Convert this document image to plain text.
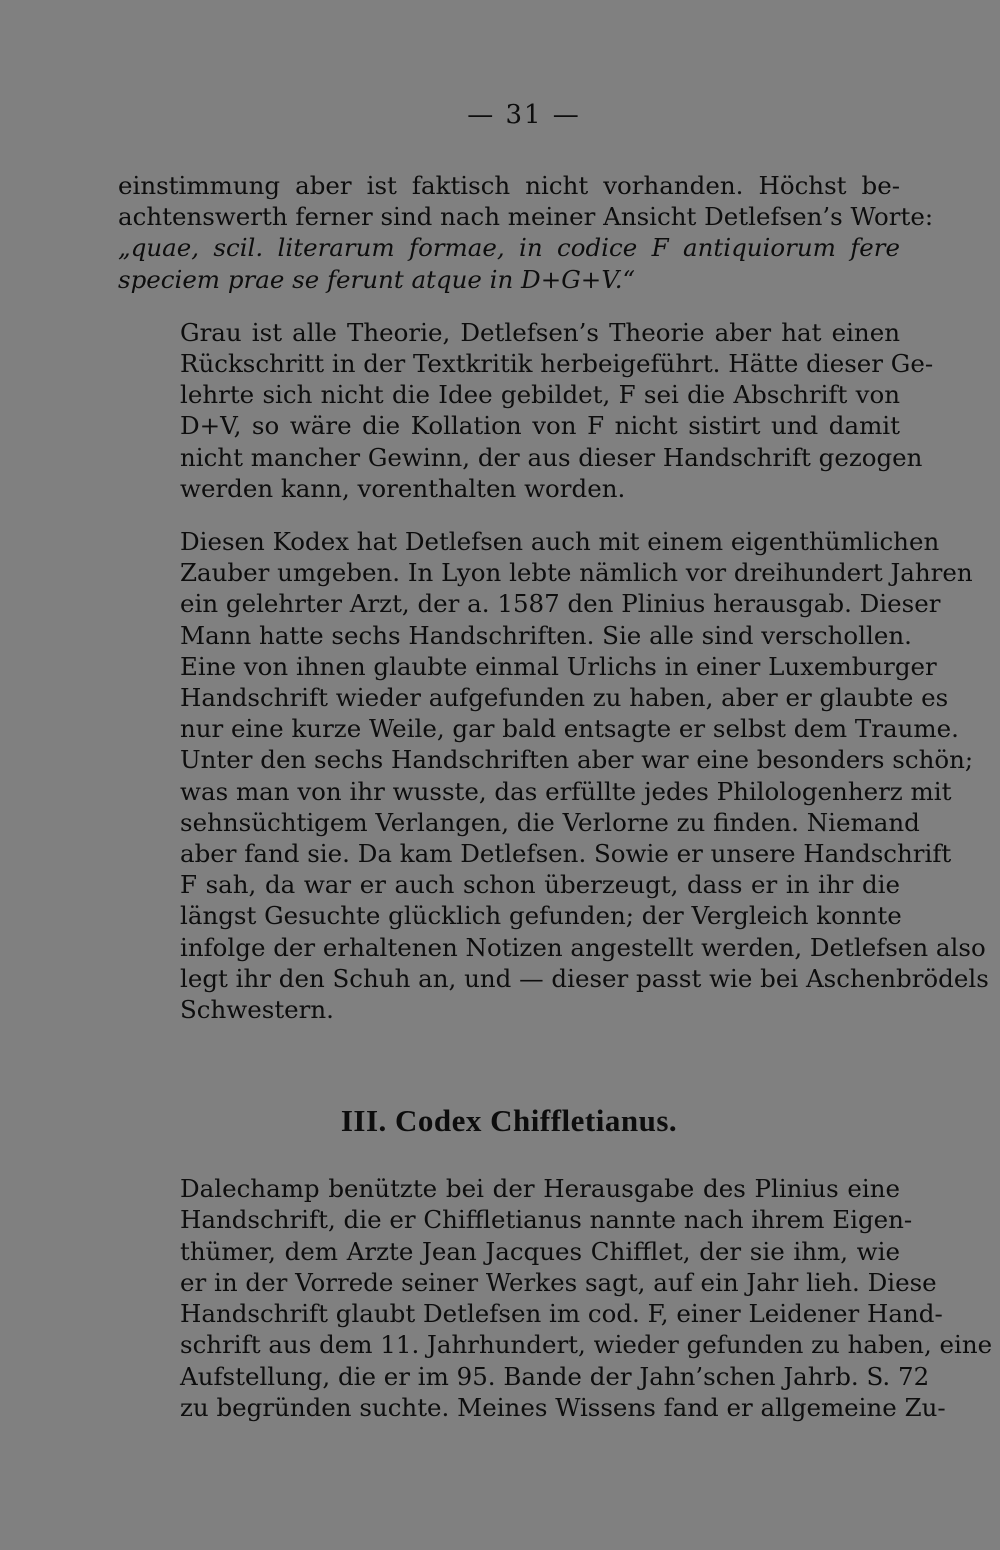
— 31 —

einstimmung aber ist faktisch nicht vorhanden. Höchst be-
achtenswerth ferner sind nach meiner Ansicht Detlefsen’s Worte:
„quae, scil. literarum formae, in codice F antiquiorum fere
speciem prae se ferunt atque in D+G+V.“

Grau ist alle Theorie, Detlefsen’s Theorie aber hat einen
Rückschritt in der Textkritik herbeigeführt. Hätte dieser Ge-
lehrte sich nicht die Idee gebildet, F sei die Abschrift von
D+V, so wäre die Kollation von F nicht sistirt und damit
nicht mancher Gewinn, der aus dieser Handschrift gezogen
werden kann, vorenthalten worden.

Diesen Kodex hat Detlefsen auch mit einem eigenthümlichen
Zauber umgeben. In Lyon lebte nämlich vor dreihundert Jahren
ein gelehrter Arzt, der a. 1587 den Plinius herausgab. Dieser
Mann hatte sechs Handschriften. Sie alle sind verschollen.
Eine von ihnen glaubte einmal Urlichs in einer Luxemburger
Handschrift wieder aufgefunden zu haben, aber er glaubte es
nur eine kurze Weile, gar bald entsagte er selbst dem Traume.
Unter den sechs Handschriften aber war eine besonders schön;
was man von ihr wusste, das erfüllte jedes Philologenherz mit
sehnsüchtigem Verlangen, die Verlorne zu finden. Niemand
aber fand sie. Da kam Detlefsen. Sowie er unsere Handschrift
F sah, da war er auch schon überzeugt, dass er in ihr die
längst Gesuchte glücklich gefunden; der Vergleich konnte
infolge der erhaltenen Notizen angestellt werden, Detlefsen also
legt ihr den Schuh an, und — dieser passt wie bei Aschenbrödels
Schwestern.

III. Codex Chiffletianus.

Dalechamp benützte bei der Herausgabe des Plinius eine
Handschrift, die er Chiffletianus nannte nach ihrem Eigen-
thümer, dem Arzte Jean Jacques Chifflet, der sie ihm, wie
er in der Vorrede seiner Werkes sagt, auf ein Jahr lieh. Diese
Handschrift glaubt Detlefsen im cod. F, einer Leidener Hand-
schrift aus dem 11. Jahrhundert, wieder gefunden zu haben, eine
Aufstellung, die er im 95. Bande der Jahn’schen Jahrb. S. 72
zu begründen suchte. Meines Wissens fand er allgemeine Zu-
